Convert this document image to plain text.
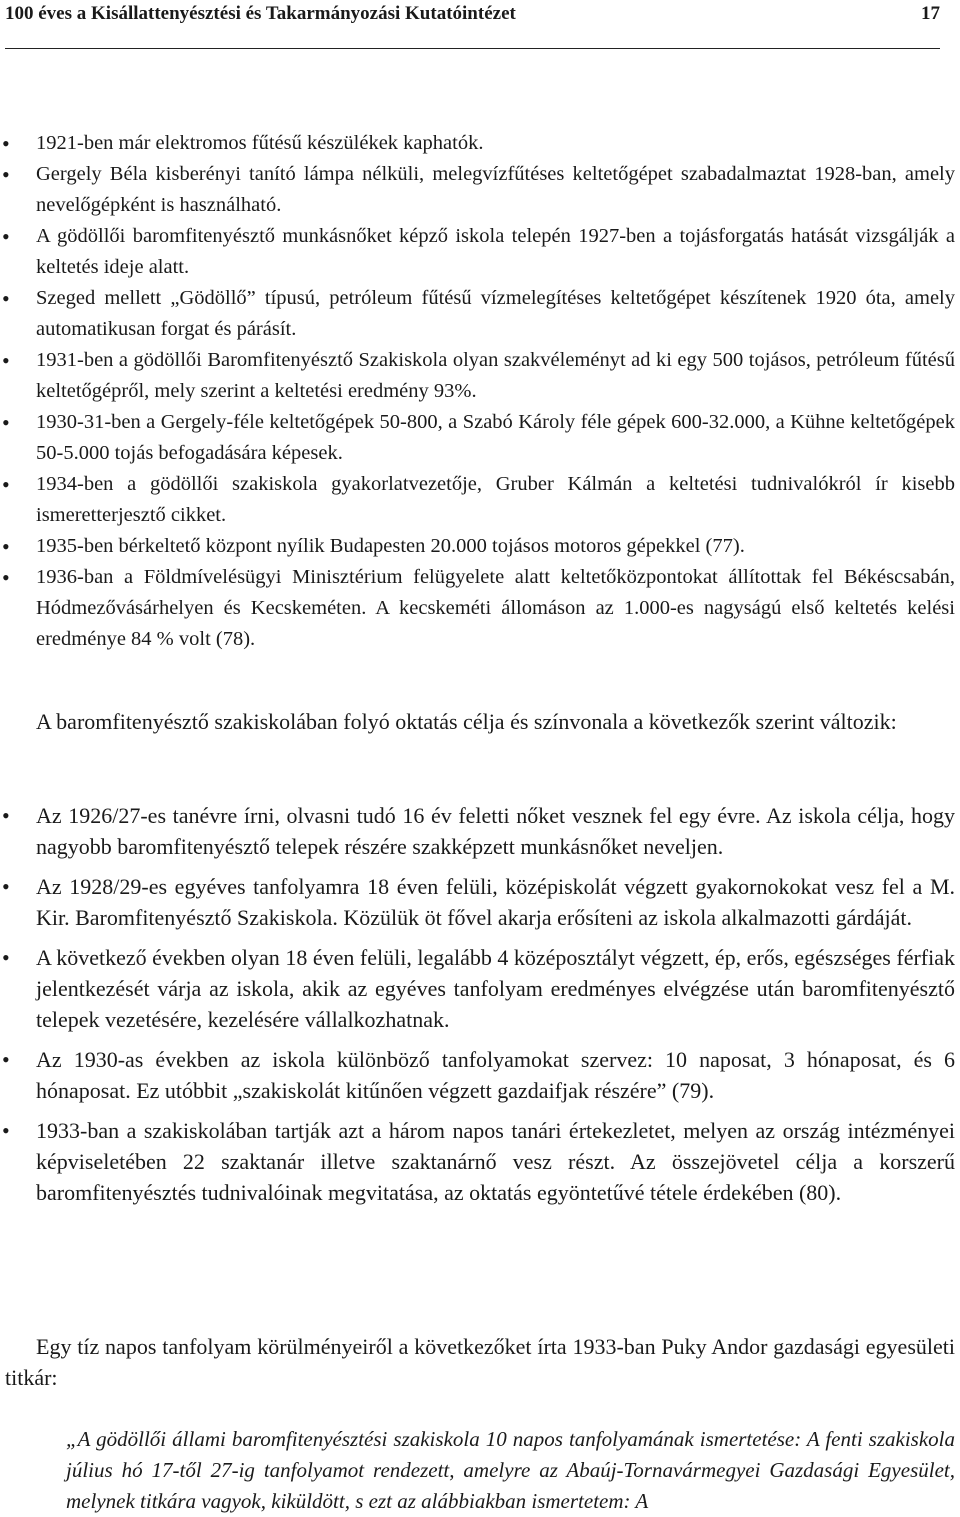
100 éves a Kisállattenyésztési és Takarmányozási Kutatóintézet	17
• 1921-ben már elektromos fűtésű készülékek kaphatók.
• Gergely Béla kisberényi tanító lámpa nélküli, melegvízfűtéses keltetőgépet szabadalmaztat 1928-ban, amely nevelőgépként is használható.
• A gödöllői baromfitenyésztő munkásnőket képző iskola telepén 1927-ben a tojásforgatás hatását vizsgálják a keltetés ideje alatt.
• Szeged mellett „Gödöllő” típusú, petróleum fűtésű vízmelegítéses keltetőgépet készítenek 1920 óta, amely automatikusan forgat és párásít.
• 1931-ben a gödöllői Baromfitenyésztő Szakiskola olyan szakvéleményt ad ki egy 500 tojásos, petróleum fűtésű keltetőgépről, mely szerint a keltetési eredmény 93%.
• 1930-31-ben a Gergely-féle keltetőgépek 50-800, a Szabó Károly féle gépek 600-32.000, a Kühne keltetőgépek 50-5.000 tojás befogadására képesek.
• 1934-ben a gödöllői szakiskola gyakorlatvezetője, Gruber Kálmán a keltetési tudnivalókról ír kisebb ismeretterjesztő cikket.
• 1935-ben bérkeltető központ nyílik Budapesten 20.000 tojásos motoros gépekkel (77).
• 1936-ban a Földmívelésügyi Minisztérium felügyelete alatt keltetőközpontokat állítottak fel Békéscsabán, Hódmezővásárhelyen és Kecskeméten. A kecskeméti állomáson az 1.000-es nagyságú első keltetés kelési eredménye 84 % volt (78).

A baromfitenyésztő szakiskolában folyó oktatás célja és színvonala a következők szerint változik:

• Az 1926/27-es tanévre írni, olvasni tudó 16 év feletti nőket vesznek fel egy évre. Az iskola célja, hogy nagyobb baromfitenyésztő telepek részére szakképzett munkásnőket neveljen.
• Az 1928/29-es egyéves tanfolyamra 18 éven felüli, középiskolát végzett gyakornokokat vesz fel a M. Kir. Baromfitenyésztő Szakiskola. Közülük öt fővel akarja erősíteni az iskola alkalmazotti gárdáját.
• A következő években olyan 18 éven felüli, legalább 4 középosztályt végzett, ép, erős, egészséges férfiak jelentkezését várja az iskola, akik az egyéves tanfolyam eredményes elvégzése után baromfitenyésztő telepek vezetésére, kezelésére vállalkozhatnak.
• Az 1930-as években az iskola különböző tanfolyamokat szervez: 10 naposat, 3 hónaposat, és 6 hónaposat. Ez utóbbit „szakiskolát kitűnően végzett gazdaifjak részére” (79).
• 1933-ban a szakiskolában tartják azt a három napos tanári értekezletet, melyen az ország intézményei képviseletében 22 szaktanár illetve szaktanárnő vesz részt. Az összejövetel célja a korszerű baromfitenyésztés tudnivalóinak megvitatása, az oktatás egyöntetűvé tétele érdekében (80).

Egy tíz napos tanfolyam körülményeiről a következőket írta 1933-ban Puky Andor gazdasági egyesületi titkár:

„A gödöllői állami baromfitenyésztési szakiskola 10 napos tanfolyamának ismertetése: A fenti szakiskola július hó 17-től 27-ig tanfolyamot rendezett, amelyre az Abaúj-Tornavármegyei Gazdasági Egyesület, melynek titkára vagyok, kiküldött, s ezt az alábbiakban ismertetem: A
